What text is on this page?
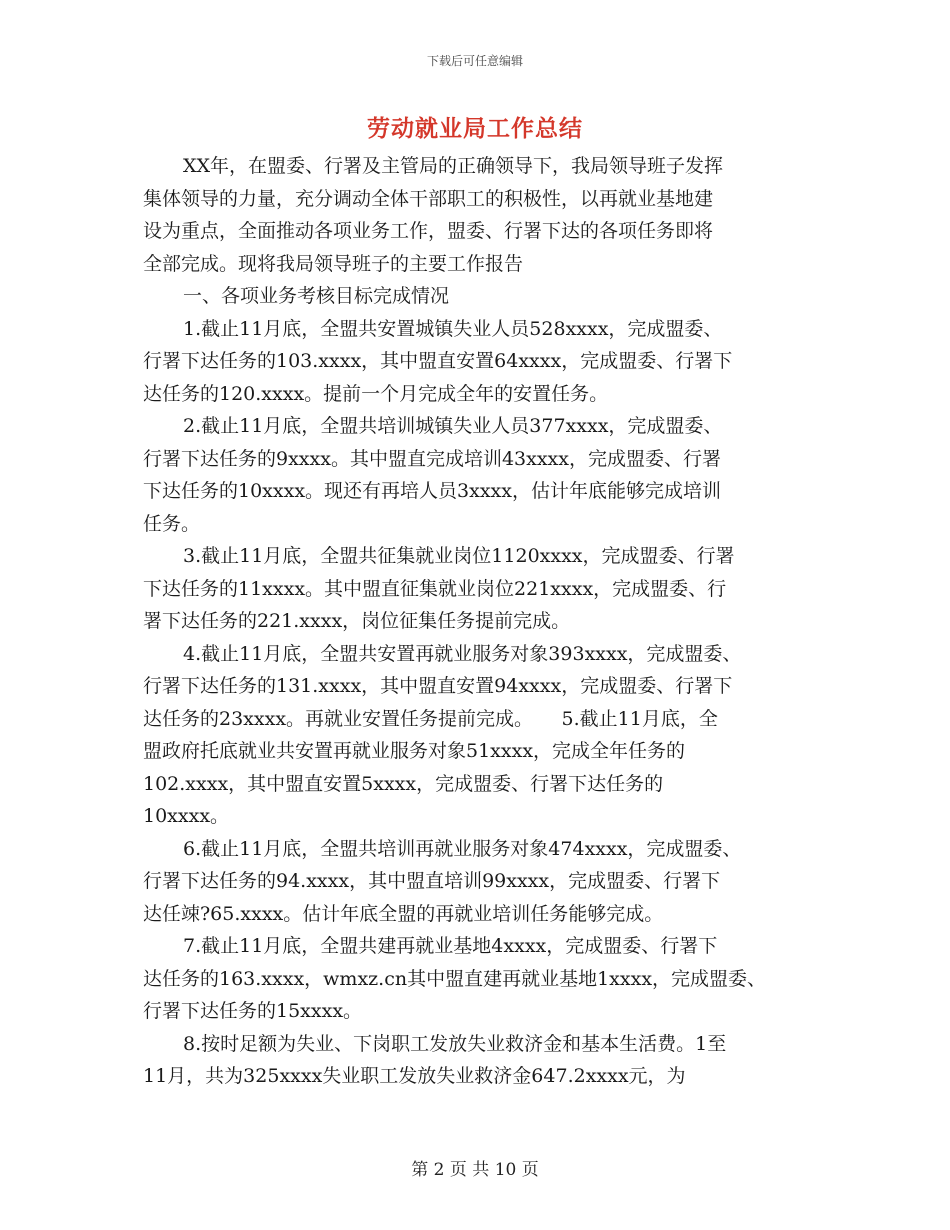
下载后可任意编辑
劳动就业局工作总结
XX年，在盟委、行署及主管局的正确领导下，我局领导班子发挥
集体领导的力量，充分调动全体干部职工的积极性，以再就业基地建
设为重点，全面推动各项业务工作，盟委、行署下达的各项任务即将
全部完成。现将我局领导班子的主要工作报告
一、各项业务考核目标完成情况
1.截止11月底，全盟共安置城镇失业人员528xxxx，完成盟委、
行署下达任务的103.xxxx，其中盟直安置64xxxx，完成盟委、行署下
达任务的120.xxxx。提前一个月完成全年的安置任务。
2.截止11月底，全盟共培训城镇失业人员377xxxx，完成盟委、
行署下达任务的9xxxx。其中盟直完成培训43xxxx，完成盟委、行署
下达任务的10xxxx。现还有再培人员3xxxx，估计年底能够完成培训
任务。
3.截止11月底，全盟共征集就业岗位1120xxxx，完成盟委、行署
下达任务的11xxxx。其中盟直征集就业岗位221xxxx，完成盟委、行
署下达任务的221.xxxx，岗位征集任务提前完成。
4.截止11月底，全盟共安置再就业服务对象393xxxx，完成盟委、
行署下达任务的131.xxxx，其中盟直安置94xxxx，完成盟委、行署下
达任务的23xxxx。再就业安置任务提前完成。　　5.截止11月底，全
盟政府托底就业共安置再就业服务对象51xxxx，完成全年任务的
102.xxxx，其中盟直安置5xxxx，完成盟委、行署下达任务的
10xxxx。
6.截止11月底，全盟共培训再就业服务对象474xxxx，完成盟委、
行署下达任务的94.xxxx，其中盟直培训99xxxx，完成盟委、行署下
达任竦?65.xxxx。估计年底全盟的再就业培训任务能够完成。
7.截止11月底，全盟共建再就业基地4xxxx，完成盟委、行署下
达任务的163.xxxx，wmxz.cn其中盟直建再就业基地1xxxx，完成盟委、
行署下达任务的15xxxx。
8.按时足额为失业、下岗职工发放失业救济金和基本生活费。1至
11月，共为325xxxx失业职工发放失业救济金647.2xxxx元，为
第 2 页 共 10 页
